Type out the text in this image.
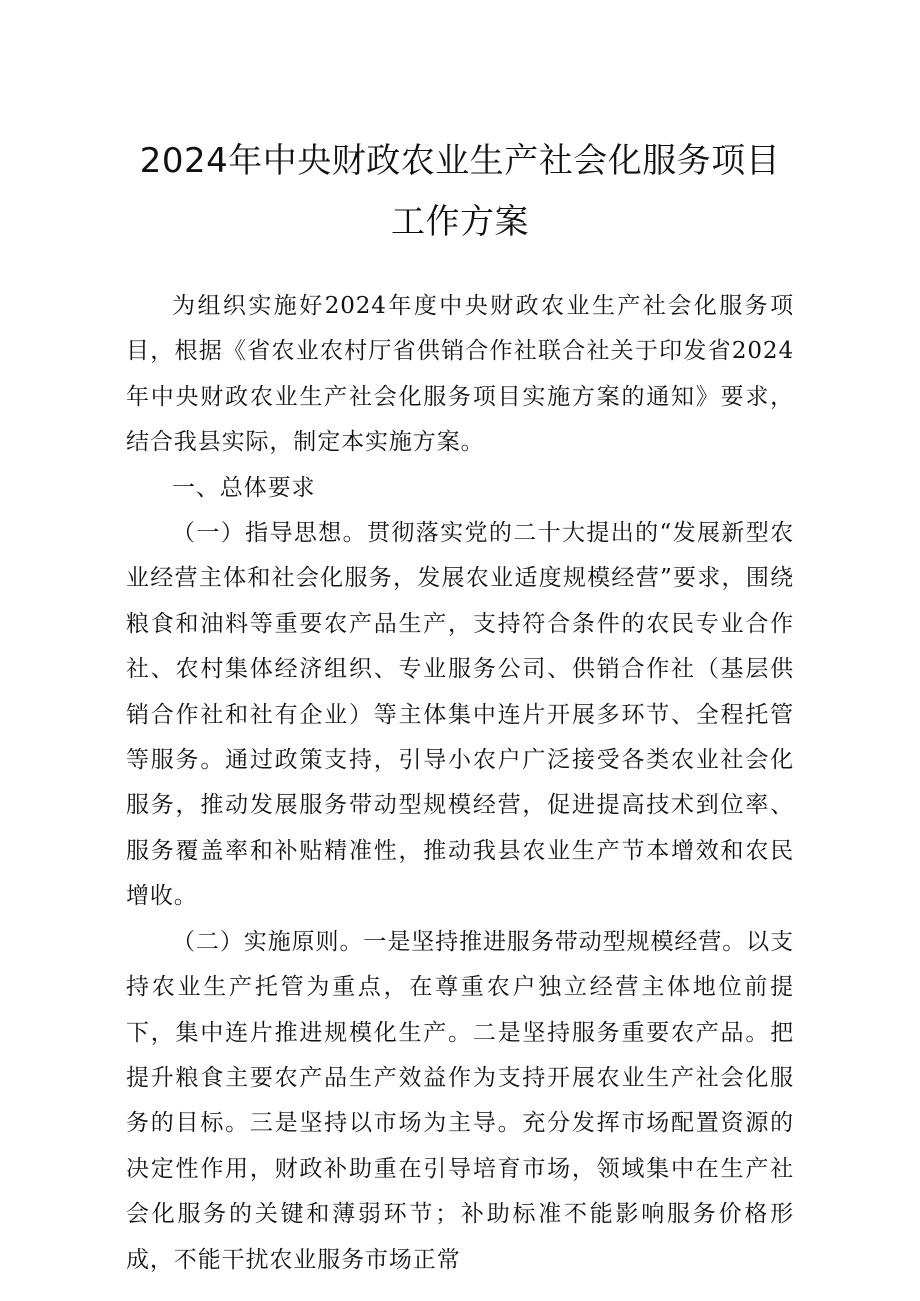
2024年中央财政农业生产社会化服务项目
工作方案

为组织实施好2024年度中央财政农业生产社会化服务项目，根据《省农业农村厅省供销合作社联合社关于印发省2024年中央财政农业生产社会化服务项目实施方案的通知》要求，结合我县实际，制定本实施方案。

一、总体要求

（一）指导思想。贯彻落实党的二十大提出的“发展新型农业经营主体和社会化服务，发展农业适度规模经营”要求，围绕粮食和油料等重要农产品生产，支持符合条件的农民专业合作社、农村集体经济组织、专业服务公司、供销合作社（基层供销合作社和社有企业）等主体集中连片开展多环节、全程托管等服务。通过政策支持，引导小农户广泛接受各类农业社会化服务，推动发展服务带动型规模经营，促进提高技术到位率、服务覆盖率和补贴精准性，推动我县农业生产节本增效和农民增收。

（二）实施原则。一是坚持推进服务带动型规模经营。以支持农业生产托管为重点，在尊重农户独立经营主体地位前提下，集中连片推进规模化生产。二是坚持服务重要农产品。把提升粮食主要农产品生产效益作为支持开展农业生产社会化服务的目标。三是坚持以市场为主导。充分发挥市场配置资源的决定性作用，财政补助重在引导培育市场，领域集中在生产社会化服务的关键和薄弱环节；补助标准不能影响服务价格形成，不能干扰农业服务市场正常
